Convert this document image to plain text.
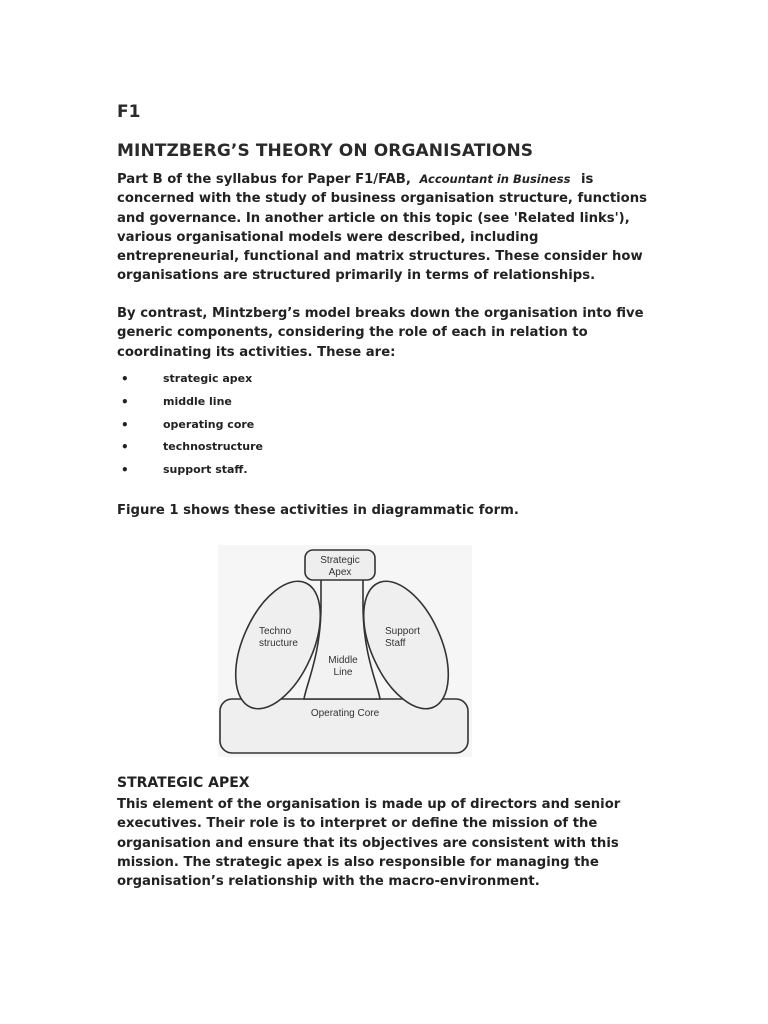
F1
MINTZBERG’S THEORY ON ORGANISATIONS
Part B of the syllabus for Paper F1/FAB, Accountant in Business is concerned with the study of business organisation structure, functions and governance. In another article on this topic (see 'Related links'), various organisational models were described, including entrepreneurial, functional and matrix structures. These consider how organisations are structured primarily in terms of relationships.
By contrast, Mintzberg’s model breaks down the organisation into five generic components, considering the role of each in relation to coordinating its activities. These are:
•	strategic apex
•	middle line
•	operating core
•	technostructure
•	support staff.
Figure 1 shows these activities in diagrammatic form.
Strategic
Apex
Techno
structure
Support
Staff
Middle
Line
Operating Core
STRATEGIC APEX
This element of the organisation is made up of directors and senior executives. Their role is to interpret or define the mission of the organisation and ensure that its objectives are consistent with this mission. The strategic apex is also responsible for managing the organisation’s relationship with the macro-environment.
